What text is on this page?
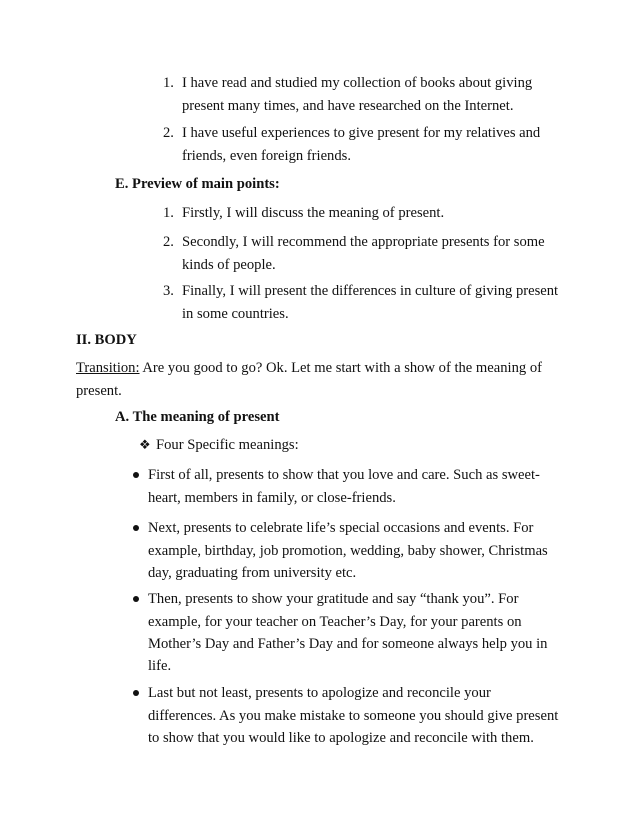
1. I have read and studied my collection of books about giving
present many times, and have researched on the Internet.
2. I have useful experiences to give present for my relatives and
friends, even foreign friends.
E. Preview of main points:
1. Firstly, I will discuss the meaning of present.
2. Secondly, I will recommend the appropriate presents for some
kinds of people.
3. Finally, I will present the differences in culture of giving present
in some countries.
II. BODY
Transition: Are you good to go? Ok. Let me start with a show of the meaning of
present.
A. The meaning of present
❖ Four Specific meanings:
First of all, presents to show that you love and care. Such as sweet-
heart, members in family, or close-friends.
Next, presents to celebrate life’s special occasions and events. For
example, birthday, job promotion, wedding, baby shower, Christmas
day, graduating from university etc.
Then, presents to show your gratitude and say “thank you”. For
example, for your teacher on Teacher’s Day, for your parents on
Mother’s Day and Father’s Day and for someone always help you in
life.
Last but not least, presents to apologize and reconcile your
differences. As you make mistake to someone you should give present
to show that you would like to apologize and reconcile with them.
